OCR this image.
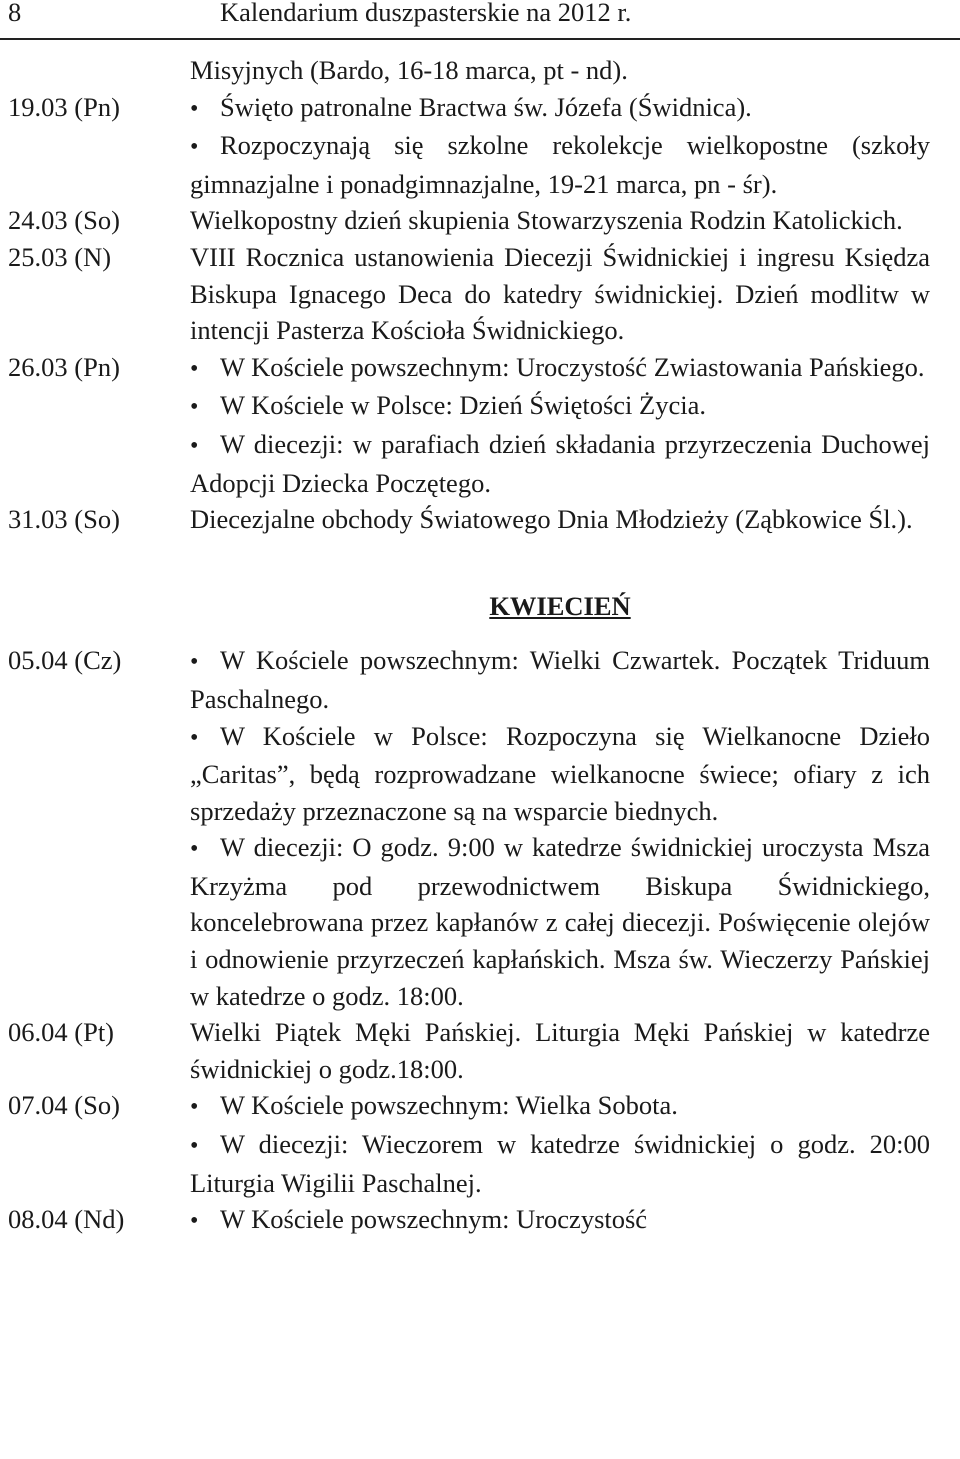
8	Kalendarium duszpasterskie na 2012 r.
Misyjnych (Bardo, 16-18 marca, pt - nd).
19.03 (Pn) •	Święto patronalne Bractwa św. Józefa (Świdnica).
•Rozpoczynają się szkolne rekolekcje wielkopostne (szkoły gimnazjalne i ponadgimnazjalne, 19-21 marca, pn - śr).
24.03 (So)	Wielkopostny dzień skupienia Stowarzyszenia Rodzin Katolickich.
25.03 (N)	VIII Rocznica ustanowienia Diecezji Świdnickiej i ingresu Księdza Biskupa Ignacego Deca do katedry świdnickiej. Dzień modlitw w intencji Pasterza Kościoła Świdnickiego.
26.03 (Pn) •	W Kościele powszechnym: Uroczystość Zwiastowania Pańskiego.
•W Kościele w Polsce: Dzień Świętości Życia.
•W diecezji: w parafiach dzień składania przyrzeczenia Duchowej Adopcji Dziecka Poczętego.
31.03 (So)	Diecezjalne obchody Światowego Dnia Młodzieży (Ząbkowice Śl.).
KWIECIEŃ
05.04 (Cz) •	W Kościele powszechnym: Wielki Czwartek. Początek Triduum Paschalnego.
•W Kościele w Polsce: Rozpoczyna się Wielkanocne Dzieło „Caritas”, będą rozprowadzane wielkanocne świece; ofiary z ich sprzedaży przeznaczone są na wsparcie biednych.
•W diecezji: O godz. 9:00 w katedrze świdnickiej uroczysta Msza Krzyżma pod przewodnictwem Biskupa Świdnickiego, koncelebrowana przez kapłanów z całej diecezji. Poświęcenie olejów i odnowienie przyrzeczeń kapłańskich. Msza św. Wieczerzy Pańskiej w katedrze o godz. 18:00.
06.04 (Pt)	Wielki Piątek Męki Pańskiej. Liturgia Męki Pańskiej w katedrze świdnickiej o godz.18:00.
07.04 (So) •	W Kościele powszechnym: Wielka Sobota.
•W diecezji: Wieczorem w katedrze świdnickiej o godz. 20:00 Liturgia Wigilii Paschalnej.
08.04 (Nd) •	W Kościele powszechnym: Uroczystość
